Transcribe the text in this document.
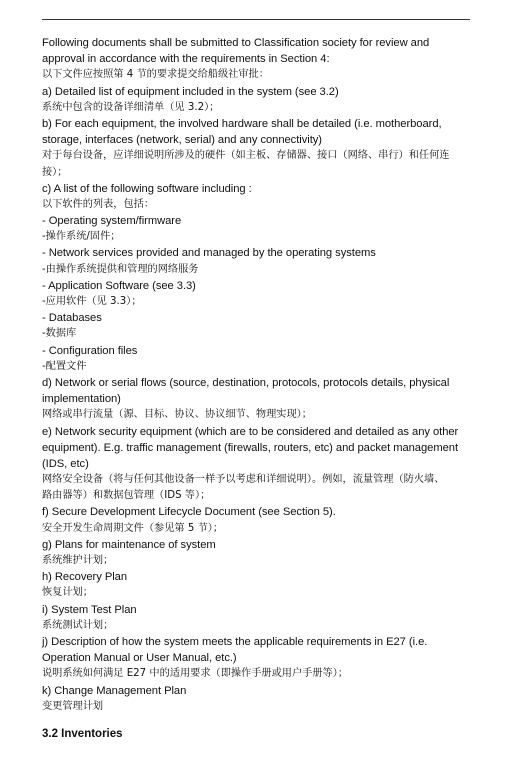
Following documents shall be submitted to Classification society for review and
approval in accordance with the requirements in Section 4:
以下文件应按照第 4 节的要求提交给船级社审批：
a) Detailed list of equipment included in the system (see 3.2)
系统中包含的设备详细清单（见 3.2）；
b) For each equipment, the involved hardware shall be detailed (i.e. motherboard,
storage, interfaces (network, serial) and any connectivity)
对于每台设备，应详细说明所涉及的硬件（如主板、存储器、接口（网络、串行）和任何连
接）；
c) A list of the following software including :
以下软件的列表，包括：
- Operating system/firmware
-操作系统/固件；
- Network services provided and managed by the operating systems
-由操作系统提供和管理的网络服务
- Application Software (see 3.3)
-应用软件（见 3.3）；
- Databases
-数据库
- Configuration files
-配置文件
d) Network or serial flows (source, destination, protocols, protocols details, physical
implementation)
网络或串行流量（源、目标、协议、协议细节、物理实现）；
e) Network security equipment (which are to be considered and detailed as any other
equipment). E.g. traffic management (firewalls, routers, etc) and packet management
(IDS, etc)
网络安全设备（将与任何其他设备一样予以考虑和详细说明）。例如，流量管理（防火墙、
路由器等）和数据包管理（IDS 等）；
f) Secure Development Lifecycle Document (see Section 5).
安全开发生命周期文件（参见第 5 节）；
g) Plans for maintenance of system
系统维护计划；
h) Recovery Plan
恢复计划；
i) System Test Plan
系统测试计划；
j) Description of how the system meets the applicable requirements in E27 (i.e.
Operation Manual or User Manual, etc.)
说明系统如何满足 E27 中的适用要求（即操作手册或用户手册等）；
k) Change Management Plan
变更管理计划
3.2 Inventories
